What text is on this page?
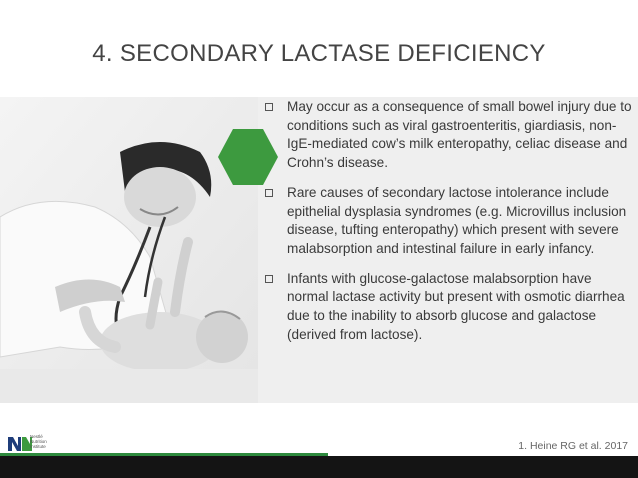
4. SECONDARY LACTASE DEFICIENCY
May occur as a consequence of small bowel injury due to conditions such as viral gastroenteritis, giardiasis, non-IgE-mediated cow’s milk enteropathy, celiac disease and Crohn’s disease.
Rare causes of secondary lactose intolerance include epithelial dysplasia syndromes (e.g. Microvillus inclusion disease, tufting enteropathy) which present with severe malabsorption and intestinal failure in early infancy.
Infants with glucose-galactose malabsorption have normal lactase activity but present with osmotic diarrhea due to the inability to absorb glucose and galactose (derived from lactose).
Nestlé
Nutrition
Institute	1. Heine RG et al. 2017
